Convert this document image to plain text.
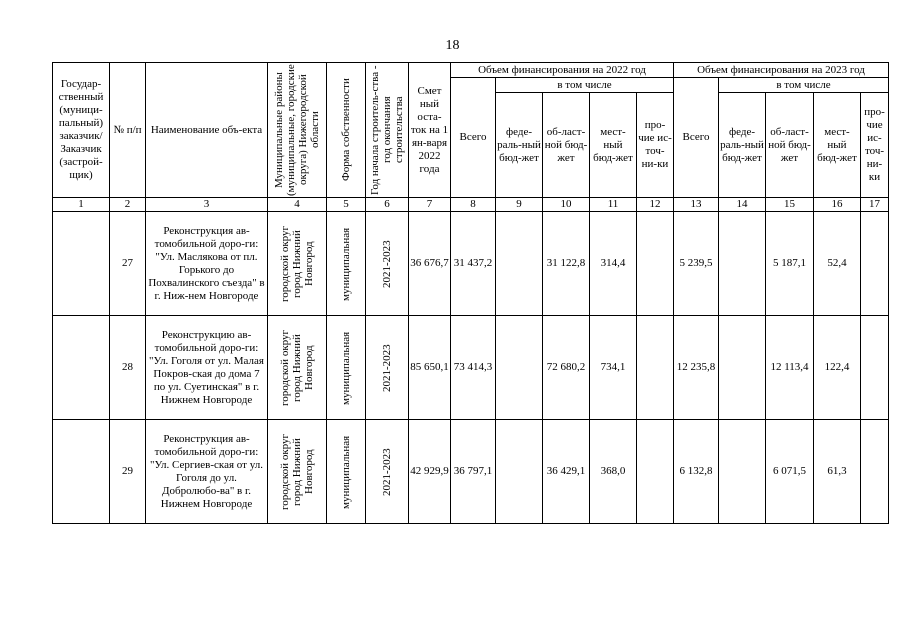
18
Государ-ственный (муници-пальный) заказчик/ Заказчик (застрой-щик)	№ п/п	Наименование объ-екта	Муниципальные районы (муниципальные, городские округа) Нижегородской области	Форма собственности	Год начала строитель-ства - год окончания строительства	Смет ный оста-ток на 1 ян-варя 2022 года	Объем финансирования на 2022 год					Объем финансирования на 2023 год				
							Всего	в том числе				Всего	в том числе			
								феде-раль-ный бюд-жет	об-ласт-ной бюд-жет	мест-ный бюд-жет	про-чие ис-точ-ни-ки		феде-раль-ный бюд-жет	об-ласт-ной бюд-жет	мест-ный бюд-жет	про-чие ис-точ-ни-ки
1	2	3	4	5	6	7	8	9	10	11	12	13	14	15	16	17
	27	Реконструкция ав-томобильной доро-ги: "Ул. Маслякова от пл. Горького до Похвалинского съезда" в г. Ниж-нем Новгороде	городской округ город Нижний Новгород	муниципальная	2021-2023	36 676,7	31 437,2		31 122,8	314,4		5 239,5		5 187,1	52,4	
	28	Реконструкцию ав-томобильной доро-ги: "Ул. Гоголя от ул. Малая Покров-ская до дома 7 по ул. Суетинская" в г. Нижнем Новгороде	городской округ город Нижний Новгород	муниципальная	2021-2023	85 650,1	73 414,3		72 680,2	734,1		12 235,8		12 113,4	122,4	
	29	Реконструкция ав-томобильной доро-ги: "Ул. Сергиев-ская от ул. Гоголя до ул. Добролюбо-ва" в г. Нижнем Новгороде	городской округ город Нижний Новгород	муниципальная	2021-2023	42 929,9	36 797,1		36 429,1	368,0		6 132,8		6 071,5	61,3	
